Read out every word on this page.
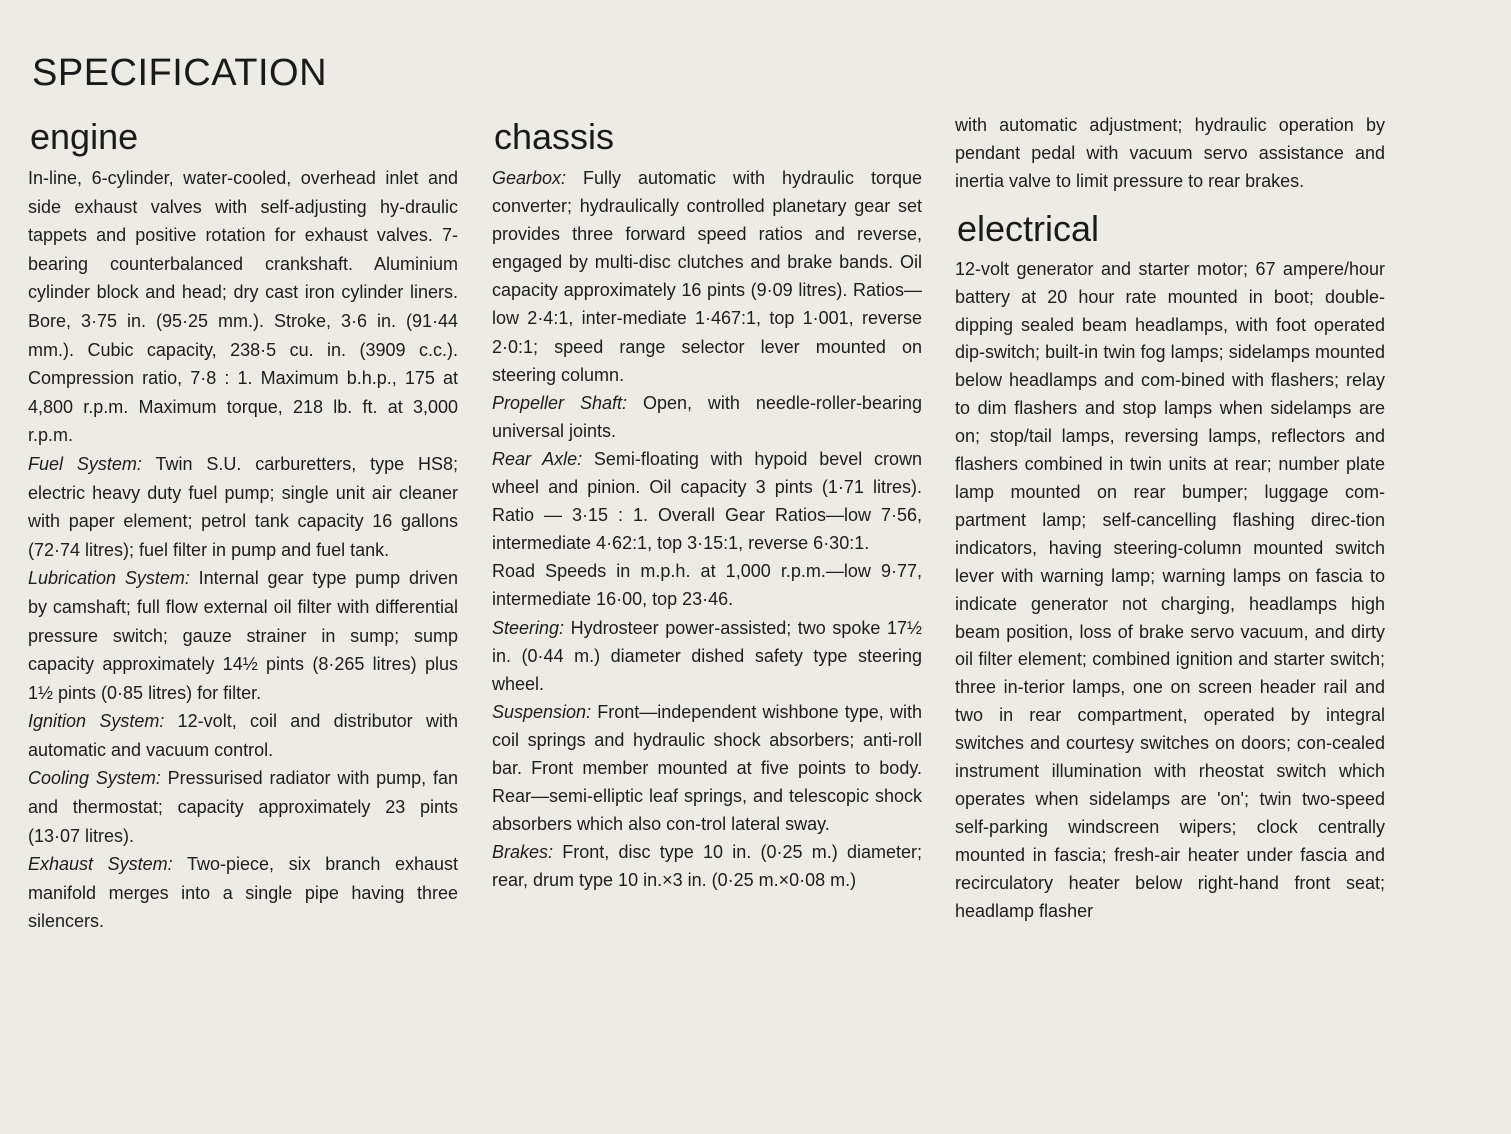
SPECIFICATION
engine

In-line, 6-cylinder, water-cooled, overhead inlet and side exhaust valves with self-adjusting hy-draulic tappets and positive rotation for exhaust valves. 7-bearing counterbalanced crankshaft. Aluminium cylinder block and head; dry cast iron cylinder liners. Bore, 3·75 in. (95·25 mm.). Stroke, 3·6 in. (91·44 mm.). Cubic capacity, 238·5 cu. in. (3909 c.c.). Compression ratio, 7·8 : 1. Maximum b.h.p., 175 at 4,800 r.p.m. Maximum torque, 218 lb. ft. at 3,000 r.p.m.

Fuel System: Twin S.U. carburetters, type HS8; electric heavy duty fuel pump; single unit air cleaner with paper element; petrol tank capacity 16 gallons (72·74 litres); fuel filter in pump and fuel tank.

Lubrication System: Internal gear type pump driven by camshaft; full flow external oil filter with differential pressure switch; gauze strainer in sump; sump capacity approximately 14½ pints (8·265 litres) plus 1½ pints (0·85 litres) for filter.

Ignition System: 12-volt, coil and distributor with automatic and vacuum control.

Cooling System: Pressurised radiator with pump, fan and thermostat; capacity approximately 23 pints (13·07 litres).

Exhaust System: Two-piece, six branch exhaust manifold merges into a single pipe having three silencers.

chassis

Gearbox: Fully automatic with hydraulic torque converter; hydraulically controlled planetary gear set provides three forward speed ratios and reverse, engaged by multi-disc clutches and brake bands. Oil capacity approximately 16 pints (9·09 litres). Ratios—low 2·4:1, inter-mediate 1·467:1, top 1·001, reverse 2·0:1; speed range selector lever mounted on steering column.

Propeller Shaft: Open, with needle-roller-bearing universal joints.

Rear Axle: Semi-floating with hypoid bevel crown wheel and pinion. Oil capacity 3 pints (1·71 litres). Ratio — 3·15 : 1. Overall Gear Ratios—low 7·56, intermediate 4·62:1, top 3·15:1, reverse 6·30:1.

Road Speeds in m.p.h. at 1,000 r.p.m.—low 9·77, intermediate 16·00, top 23·46.

Steering: Hydrosteer power-assisted; two spoke 17½ in. (0·44 m.) diameter dished safety type steering wheel.

Suspension: Front—independent wishbone type, with coil springs and hydraulic shock absorbers; anti-roll bar. Front member mounted at five points to body. Rear—semi-elliptic leaf springs, and telescopic shock absorbers which also con-trol lateral sway.

Brakes: Front, disc type 10 in. (0·25 m.) diameter; rear, drum type 10 in.×3 in. (0·25 m.×0·08 m.)

with automatic adjustment; hydraulic operation by pendant pedal with vacuum servo assistance and inertia valve to limit pressure to rear brakes.

electrical

12-volt generator and starter motor; 67 ampere/hour battery at 20 hour rate mounted in boot; double-dipping sealed beam headlamps, with foot operated dip-switch; built-in twin fog lamps; sidelamps mounted below headlamps and com-bined with flashers; relay to dim flashers and stop lamps when sidelamps are on; stop/tail lamps, reversing lamps, reflectors and flashers combined in twin units at rear; number plate lamp mounted on rear bumper; luggage com-partment lamp; self-cancelling flashing direc-tion indicators, having steering-column mounted switch lever with warning lamp; warning lamps on fascia to indicate generator not charging, headlamps high beam position, loss of brake servo vacuum, and dirty oil filter element; combined ignition and starter switch; three in-terior lamps, one on screen header rail and two in rear compartment, operated by integral switches and courtesy switches on doors; con-cealed instrument illumination with rheostat switch which operates when sidelamps are 'on'; twin two-speed self-parking windscreen wipers; clock centrally mounted in fascia; fresh-air heater under fascia and recirculatory heater below right-hand front seat; headlamp flasher
